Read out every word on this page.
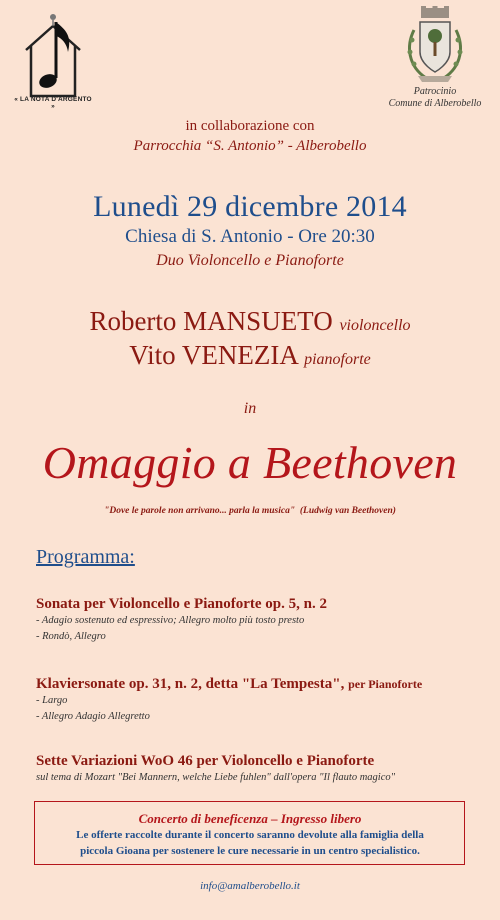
« LA NOTA D'ARGENTO »
Patrocinio
Comune di Alberobello
in collaborazione con
Parrocchia “S. Antonio” - Alberobello
Lunedì 29 dicembre 2014
Chiesa di S. Antonio - Ore 20:30
Duo Violoncello e Pianoforte
Roberto MANSUETO violoncello
Vito VENEZIA pianoforte
in
Omaggio a Beethoven
"Dove le parole non arrivano... parla la musica" (Ludwig van Beethoven)
Programma:
Sonata per Violoncello e Pianoforte op. 5, n. 2
- Adagio sostenuto ed espressivo; Allegro molto più tosto presto
- Rondò, Allegro
Klaviersonate op. 31, n. 2, detta "La Tempesta", per Pianoforte
- Largo
- Allegro Adagio Allegretto
Sette Variazioni WoO 46 per Violoncello e Pianoforte
sul tema di Mozart "Bei Mannern, welche Liebe fuhlen" dall'opera "Il flauto magico"
Concerto di beneficenza – Ingresso libero
Le offerte raccolte durante il concerto saranno devolute alla famiglia della
piccola Gioana per sostenere le cure necessarie in un centro specialistico.
info@amalberobello.it
